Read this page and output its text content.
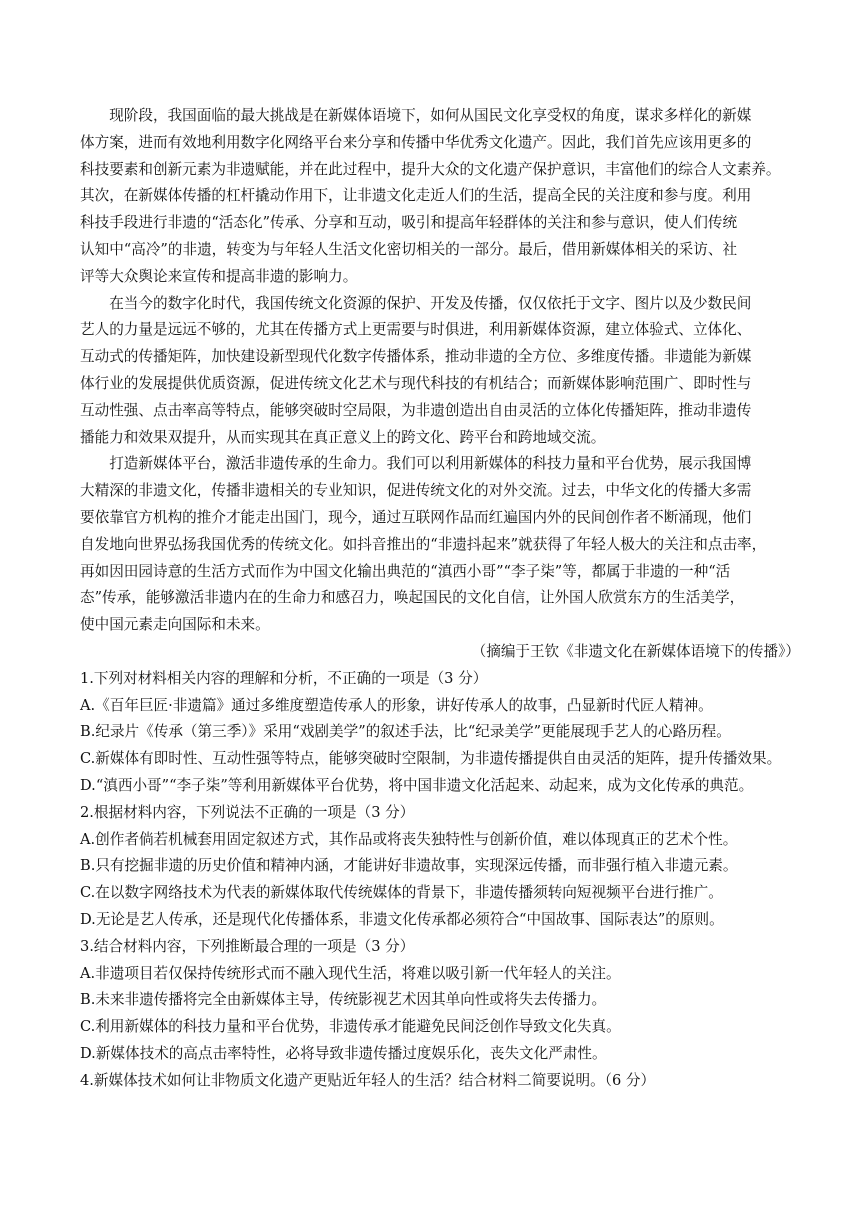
现阶段，我国面临的最大挑战是在新媒体语境下，如何从国民文化享受权的角度，谋求多样化的新媒
体方案，进而有效地利用数字化网络平台来分享和传播中华优秀文化遗产。因此，我们首先应该用更多的
科技要素和创新元素为非遗赋能，并在此过程中，提升大众的文化遗产保护意识，丰富他们的综合人文素养。
其次，在新媒体传播的杠杆撬动作用下，让非遗文化走近人们的生活，提高全民的关注度和参与度。利用
科技手段进行非遗的“活态化”传承、分享和互动，吸引和提高年轻群体的关注和参与意识，使人们传统
认知中“高冷”的非遗，转变为与年轻人生活文化密切相关的一部分。最后，借用新媒体相关的采访、社
评等大众舆论来宣传和提高非遗的影响力。

在当今的数字化时代，我国传统文化资源的保护、开发及传播，仅仅依托于文字、图片以及少数民间
艺人的力量是远远不够的，尤其在传播方式上更需要与时俱进，利用新媒体资源，建立体验式、立体化、
互动式的传播矩阵，加快建设新型现代化数字传播体系，推动非遗的全方位、多维度传播。非遗能为新媒
体行业的发展提供优质资源，促进传统文化艺术与现代科技的有机结合；而新媒体影响范围广、即时性与
互动性强、点击率高等特点，能够突破时空局限，为非遗创造出自由灵活的立体化传播矩阵，推动非遗传
播能力和效果双提升，从而实现其在真正意义上的跨文化、跨平台和跨地域交流。

打造新媒体平台，激活非遗传承的生命力。我们可以利用新媒体的科技力量和平台优势，展示我国博
大精深的非遗文化，传播非遗相关的专业知识，促进传统文化的对外交流。过去，中华文化的传播大多需
要依靠官方机构的推介才能走出国门，现今，通过互联网作品而红遍国内外的民间创作者不断涌现，他们
自发地向世界弘扬我国优秀的传统文化。如抖音推出的“非遗抖起来”就获得了年轻人极大的关注和点击率，
再如因田园诗意的生活方式而作为中国文化输出典范的“滇西小哥”“李子柒”等，都属于非遗的一种“活
态”传承，能够激活非遗内在的生命力和感召力，唤起国民的文化自信，让外国人欣赏东方的生活美学，
使中国元素走向国际和未来。

（摘编于王钦《非遗文化在新媒体语境下的传播》）

1.下列对材料相关内容的理解和分析，不正确的一项是（3 分）
A.《百年巨匠·非遗篇》通过多维度塑造传承人的形象，讲好传承人的故事，凸显新时代匠人精神。
B.纪录片《传承（第三季）》采用“戏剧美学”的叙述手法，比“纪录美学”更能展现手艺人的心路历程。
C.新媒体有即时性、互动性强等特点，能够突破时空限制，为非遗传播提供自由灵活的矩阵，提升传播效果。
D.“滇西小哥”“李子柒”等利用新媒体平台优势，将中国非遗文化活起来、动起来，成为文化传承的典范。
2.根据材料内容，下列说法不正确的一项是（3 分）
A.创作者倘若机械套用固定叙述方式，其作品或将丧失独特性与创新价值，难以体现真正的艺术个性。
B.只有挖掘非遗的历史价值和精神内涵，才能讲好非遗故事，实现深远传播，而非强行植入非遗元素。
C.在以数字网络技术为代表的新媒体取代传统媒体的背景下，非遗传播须转向短视频平台进行推广。
D.无论是艺人传承，还是现代化传播体系，非遗文化传承都必须符合“中国故事、国际表达”的原则。
3.结合材料内容，下列推断最合理的一项是（3 分）
A.非遗项目若仅保持传统形式而不融入现代生活，将难以吸引新一代年轻人的关注。
B.未来非遗传播将完全由新媒体主导，传统影视艺术因其单向性或将失去传播力。
C.利用新媒体的科技力量和平台优势，非遗传承才能避免民间泛创作导致文化失真。
D.新媒体技术的高点击率特性，必将导致非遗传播过度娱乐化，丧失文化严肃性。
4.新媒体技术如何让非物质文化遗产更贴近年轻人的生活？结合材料二简要说明。（6 分）
